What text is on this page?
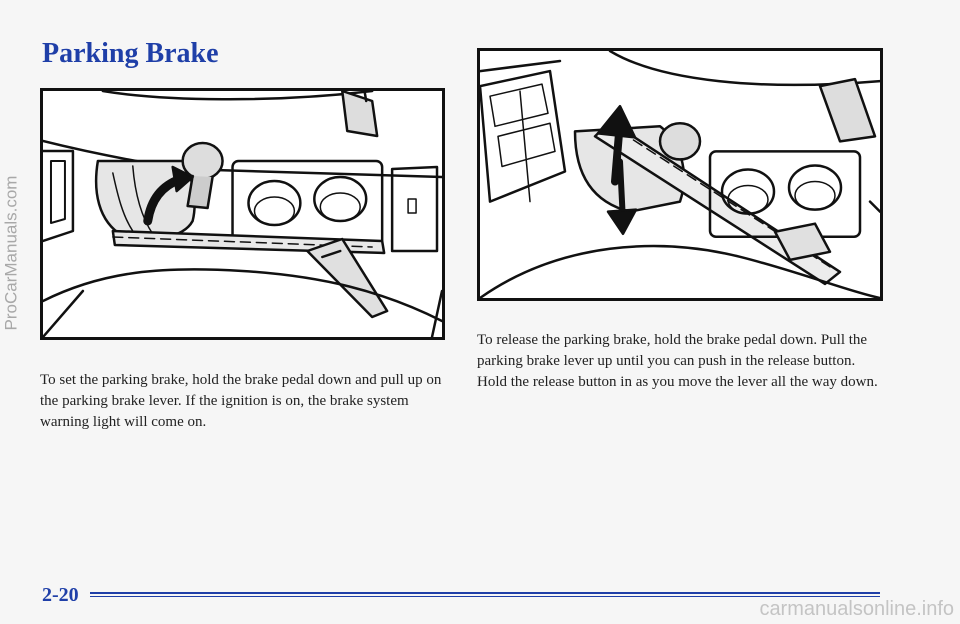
Parking Brake

To set the parking brake, hold the brake pedal down and pull up on the parking brake lever. If the ignition is on, the brake system warning light will come on.

To release the parking brake, hold the brake pedal down. Pull the parking brake lever up until you can push in the release button. Hold the release button in as you move the lever all the way down.

ProCarManuals.com
2-20
carmanualsonline.info
